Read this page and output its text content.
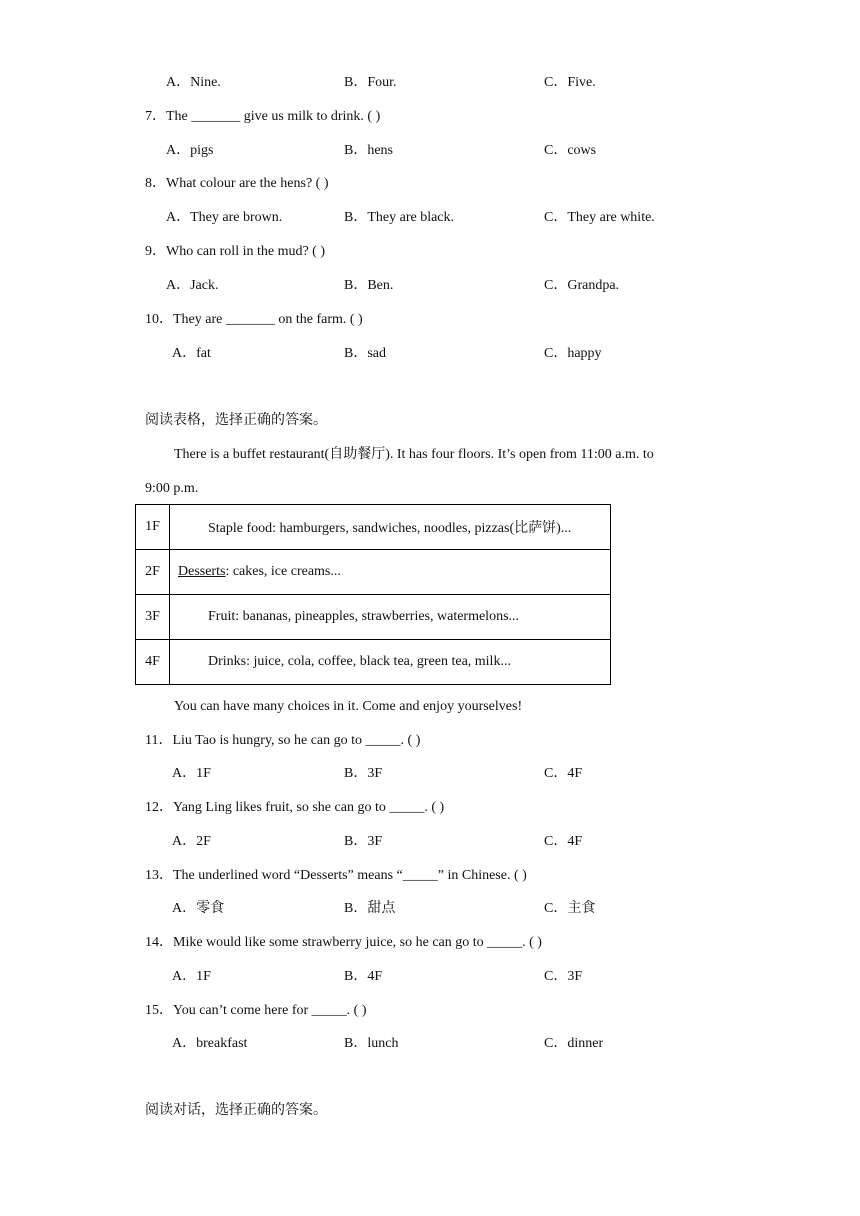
A．Nine.	B．Four.	C．Five.
7．The _______ give us milk to drink. ( )
A．pigs	B．hens	C．cows
8．What colour are the hens? ( )
A．They are brown.	B．They are black.	C．They are white.
9．Who can roll in the mud? ( )
A．Jack.	B．Ben.	C．Grandpa.
10．They are _______ on the farm. ( )
A．fat	B．sad	C．happy
阅读表格，选择正确的答案。
There is a buffet restaurant(自助餐厅). It has four floors. It’s open from 11:00 a.m. to
9:00 p.m.
1F	Staple food: hamburgers, sandwiches, noodles, pizzas(比萨饼)...
2F	Desserts: cakes, ice creams...
3F	Fruit: bananas, pineapples, strawberries, watermelons...
4F	Drinks: juice, cola, coffee, black tea, green tea, milk...
You can have many choices in it. Come and enjoy yourselves!
11．Liu Tao is hungry, so he can go to _____. ( )
A．1F	B．3F	C．4F
12．Yang Ling likes fruit, so she can go to _____. ( )
A．2F	B．3F	C．4F
13．The underlined word “Desserts” means “_____” in Chinese. ( )
A．零食	B．甜点	C．主食
14．Mike would like some strawberry juice, so he can go to _____. ( )
A．1F	B．4F	C．3F
15．You can’t come here for _____. ( )
A．breakfast	B．lunch	C．dinner
阅读对话，选择正确的答案。
